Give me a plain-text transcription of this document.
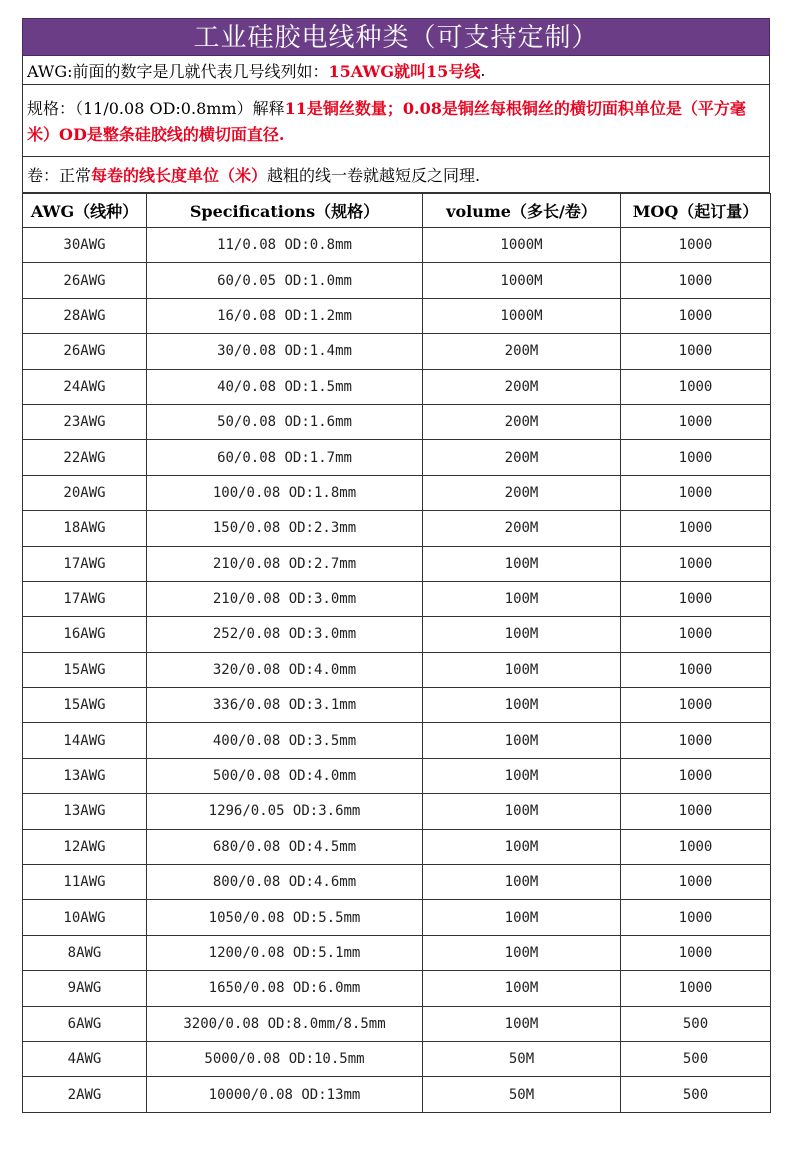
工业硅胶电线种类（可支持定制）
AWG:前面的数字是几就代表几号线列如： 15AWG就叫15号线 .
规格：（11/0.08 OD:0.8mm）解释11是铜丝数量；0.08是铜丝每根铜丝的横切面积单位是（平方毫米）OD是整条硅胶线的横切面直径.
卷：正常 每卷的线长度单位（米） 越粗的线一卷就越短反之同理.
AWG（线种）	Specifications（规格）	volume（多长/卷）	MOQ（起订量）
30AWG	11/0.08 OD:0.8mm	1000M	1000
26AWG	60/0.05 OD:1.0mm	1000M	1000
28AWG	16/0.08 OD:1.2mm	1000M	1000
26AWG	30/0.08 OD:1.4mm	200M	1000
24AWG	40/0.08 OD:1.5mm	200M	1000
23AWG	50/0.08 OD:1.6mm	200M	1000
22AWG	60/0.08 OD:1.7mm	200M	1000
20AWG	100/0.08 OD:1.8mm	200M	1000
18AWG	150/0.08 OD:2.3mm	200M	1000
17AWG	210/0.08 OD:2.7mm	100M	1000
17AWG	210/0.08 OD:3.0mm	100M	1000
16AWG	252/0.08 OD:3.0mm	100M	1000
15AWG	320/0.08 OD:4.0mm	100M	1000
15AWG	336/0.08 OD:3.1mm	100M	1000
14AWG	400/0.08 OD:3.5mm	100M	1000
13AWG	500/0.08 OD:4.0mm	100M	1000
13AWG	1296/0.05 OD:3.6mm	100M	1000
12AWG	680/0.08 OD:4.5mm	100M	1000
11AWG	800/0.08 OD:4.6mm	100M	1000
10AWG	1050/0.08 OD:5.5mm	100M	1000
8AWG	1200/0.08 OD:5.1mm	100M	1000
9AWG	1650/0.08 OD:6.0mm	100M	1000
6AWG	3200/0.08 OD:8.0mm/8.5mm	100M	500
4AWG	5000/0.08 OD:10.5mm	50M	500
2AWG	10000/0.08 OD:13mm	50M	500
